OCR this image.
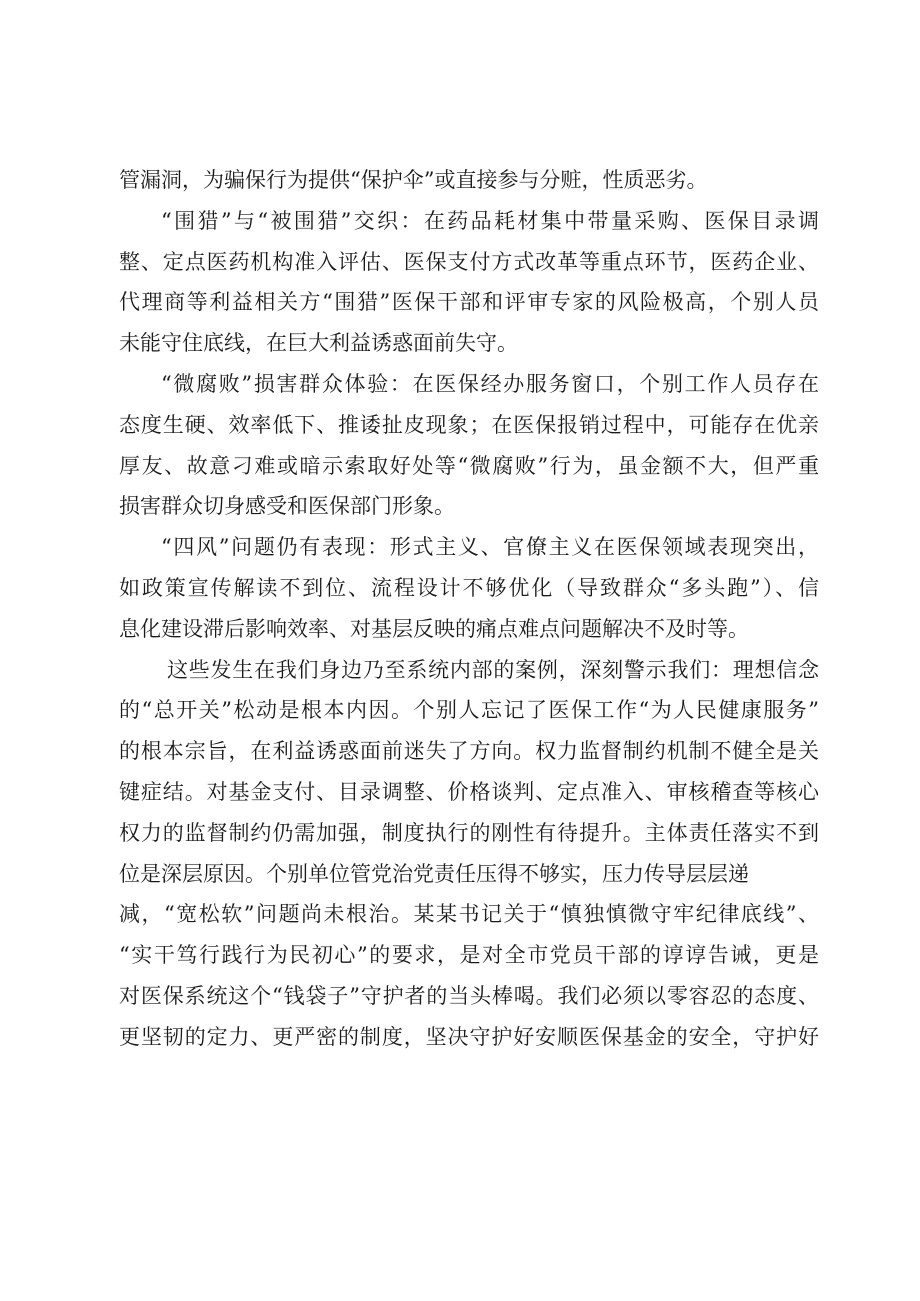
管漏洞，为骗保行为提供“保护伞”或直接参与分赃，性质恶劣。
“围猎”与“被围猎”交织：在药品耗材集中带量采购、医保目录调
整、定点医药机构准入评估、医保支付方式改革等重点环节，医药企业、
代理商等利益相关方“围猎”医保干部和评审专家的风险极高，个别人员
未能守住底线，在巨大利益诱惑面前失守。
“微腐败”损害群众体验：在医保经办服务窗口，个别工作人员存在
态度生硬、效率低下、推诿扯皮现象；在医保报销过程中，可能存在优亲
厚友、故意刁难或暗示索取好处等“微腐败”行为，虽金额不大，但严重
损害群众切身感受和医保部门形象。
“四风”问题仍有表现：形式主义、官僚主义在医保领域表现突出，
如政策宣传解读不到位、流程设计不够优化（导致群众“多头跑”）、信
息化建设滞后影响效率、对基层反映的痛点难点问题解决不及时等。
这些发生在我们身边乃至系统内部的案例，深刻警示我们：理想信念
的“总开关”松动是根本内因。个别人忘记了医保工作“为人民健康服务”
的根本宗旨，在利益诱惑面前迷失了方向。权力监督制约机制不健全是关
键症结。对基金支付、目录调整、价格谈判、定点准入、审核稽查等核心
权力的监督制约仍需加强，制度执行的刚性有待提升。主体责任落实不到
位是深层原因。个别单位管党治党责任压得不够实，压力传导层层递
减，“宽松软”问题尚未根治。某某书记关于“慎独慎微守牢纪律底线”、
“实干笃行践行为民初心”的要求，是对全市党员干部的谆谆告诫，更是
对医保系统这个“钱袋子”守护者的当头棒喝。我们必须以零容忍的态度、
更坚韧的定力、更严密的制度，坚决守护好安顺医保基金的安全，守护好
